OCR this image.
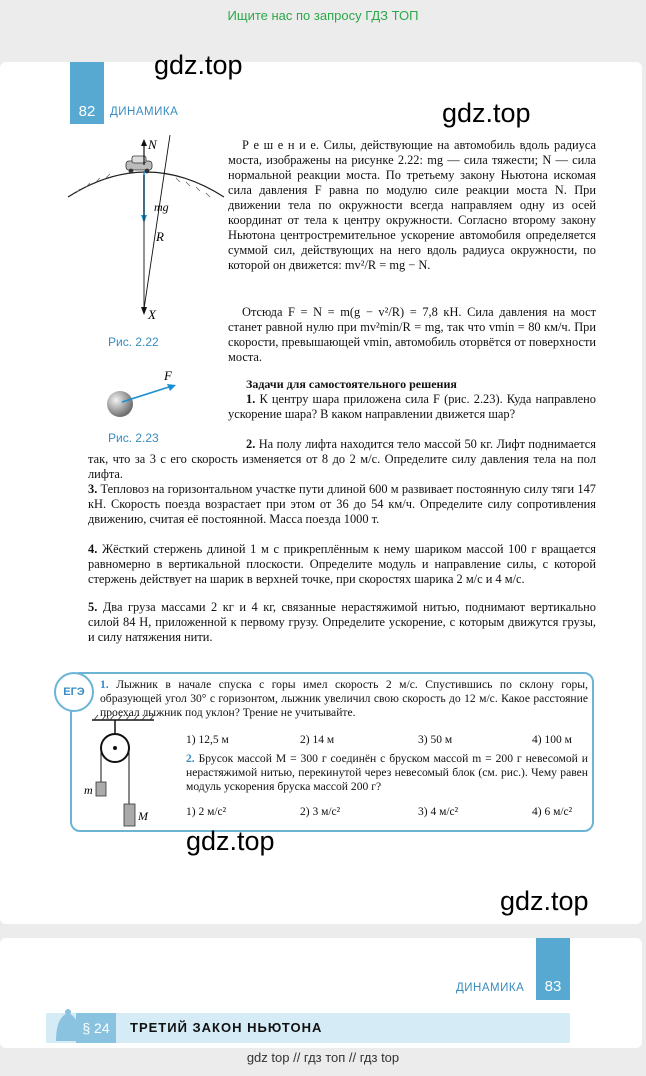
Ищите нас по запросу ГДЗ ТОП
82	ДИНАМИКА
N
mg
R
X
Рис. 2.22
F
Рис. 2.23

Р е ш е н и е. Силы, действующие на автомобиль вдоль радиуса моста, изображены на рисунке 2.22: mg — сила тяжести; N — сила нормальной реакции моста. По третьему закону Ньютона искомая сила давления F равна по модулю силе реакции моста N. При движении тела по окружности всегда направляем одну из осей координат от тела к центру окружности. Согласно второму закону Ньютона центростремительное ускорение автомобиля определяется суммой сил, действующих на него вдоль радиуса окружности, по которой он движется: mv²/R = mg − N.

Отсюда F = N = m(g − v²/R) = 7,8 кН. Сила давления на мост станет равной нулю при mv²min/R = mg, так что vmin = 80 км/ч. При скорости, превышающей vmin, автомобиль оторвётся от поверхности моста.

Задачи для самостоятельного решения

1. К центру шара приложена сила F (рис. 2.23). Куда направлено ускорение шара? В каком направлении движется шар?

2. На полу лифта находится тело массой 50 кг. Лифт поднимается так, что за 3 с его скорость изменяется от 8 до 2 м/с. Определите силу давления тела на пол лифта.

3. Тепловоз на горизонтальном участке пути длиной 600 м развивает постоянную силу тяги 147 кН. Скорость поезда возрастает при этом от 36 до 54 км/ч. Определите силу сопротивления движению, считая её постоянной. Масса поезда 1000 т.

4. Жёсткий стержень длиной 1 м с прикреплённым к нему шариком массой 100 г вращается равномерно в вертикальной плоскости. Определите модуль и направление силы, с которой стержень действует на шарик в верхней точке, при скоростях шарика 2 м/с и 4 м/с.

5. Два груза массами 2 кг и 4 кг, связанные нерастяжимой нитью, поднимают вертикально силой 84 Н, приложенной к первому грузу. Определите ускорение, с которым движутся грузы, и силу натяжения нити.

ЕГЭ

1. Лыжник в начале спуска с горы имел скорость 2 м/с. Спустившись по склону горы, образующей угол 30° с горизонтом, лыжник увеличил свою скорость до 12 м/с. Какое расстояние проехал лыжник под уклон? Трение не учитывайте.

1) 12,5 м	2) 14 м	3) 50 м	4) 100 м

2. Брусок массой M = 300 г соединён с бруском массой m = 200 г невесомой и нерастяжимой нитью, перекинутой через невесомый блок (см. рис.). Чему равен модуль ускорения бруска массой 200 г?

1) 2 м/с²	2) 3 м/с²	3) 4 м/с²	4) 6 м/с²
m
M
ДИНАМИКА	83
§ 24	ТРЕТИЙ ЗАКОН НЬЮТОНА
gdz.top
gdz.top
gdz.top
gdz.top
gdz top // гдз топ // гдз top
